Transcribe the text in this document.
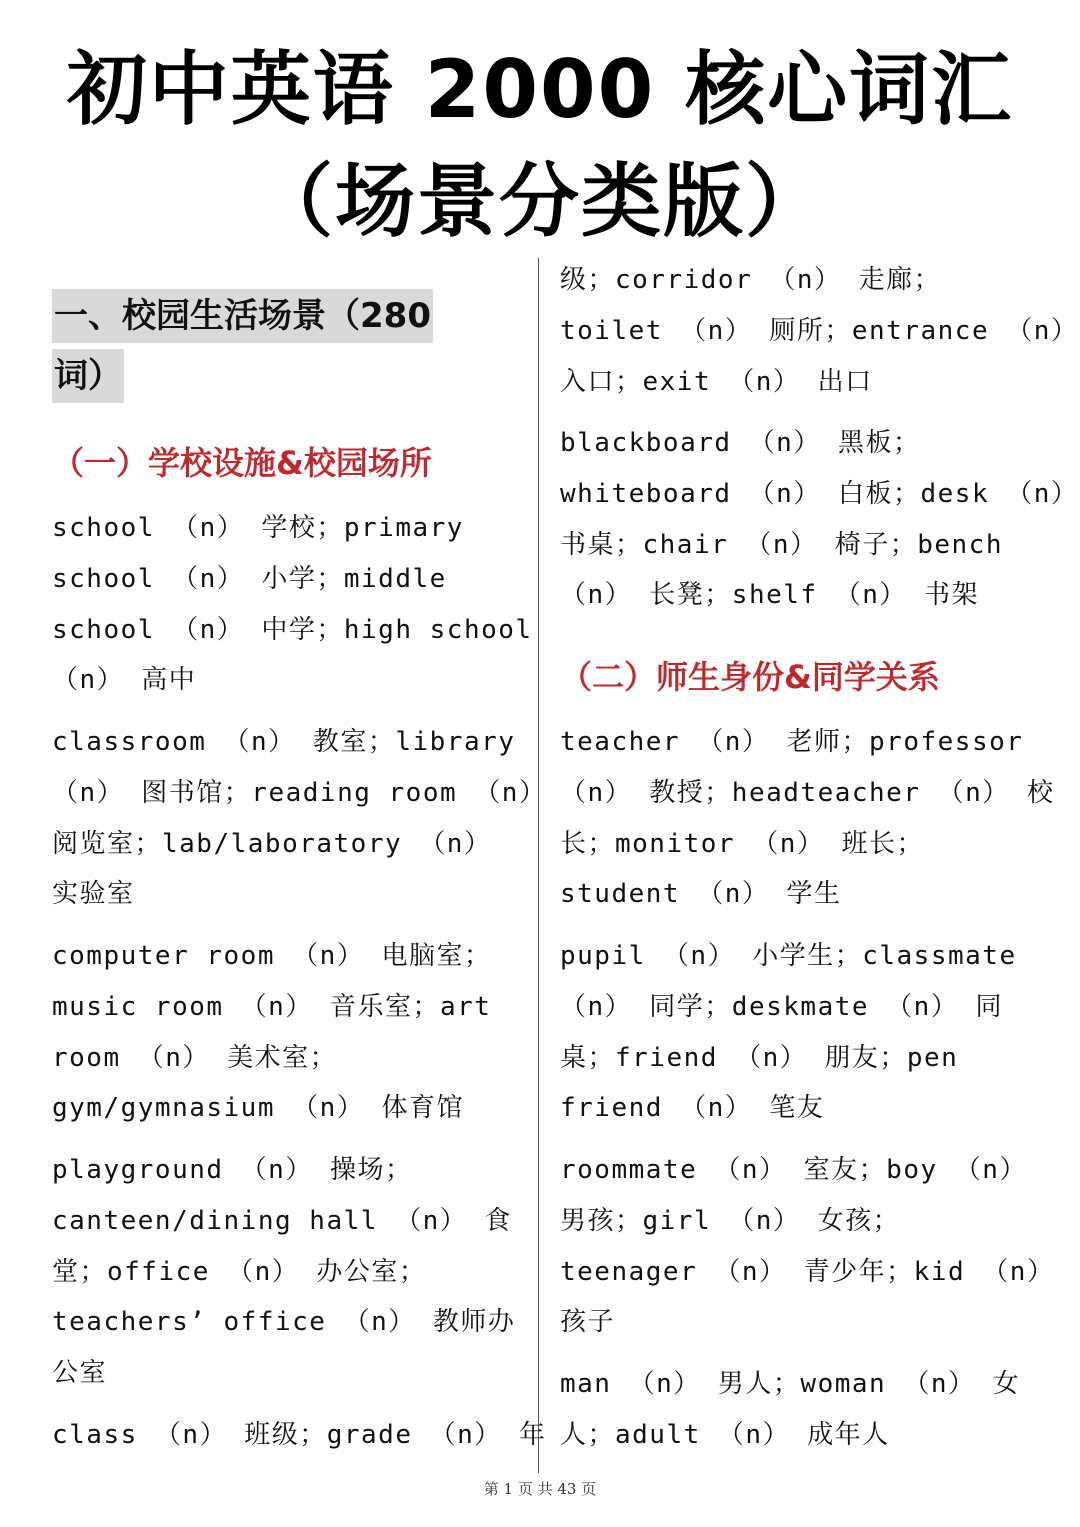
初中英语 2000 核心词汇
（场景分类版）
一、校园生活场景（280
词）
（一）学校设施&校园场所
school （n） 学校；primary
school （n） 小学；middle
school （n） 中学；high school
（n） 高中
classroom （n） 教室；library
（n） 图书馆；reading room （n）
阅览室；lab/laboratory （n）
实验室
computer room （n） 电脑室；
music room （n） 音乐室；art
room （n） 美术室；
gym/gymnasium （n） 体育馆
playground （n） 操场；
canteen/dining hall （n） 食
堂；office （n） 办公室；
teachers’ office （n） 教师办
公室
class （n） 班级；grade （n） 年
级；corridor （n） 走廊；
toilet （n） 厕所；entrance （n）
入口；exit （n） 出口
blackboard （n） 黑板；
whiteboard （n） 白板；desk （n）
书桌；chair （n） 椅子；bench
（n） 长凳；shelf （n） 书架
（二）师生身份&同学关系
teacher （n） 老师；professor
（n） 教授；headteacher （n） 校
长；monitor （n） 班长；
student （n） 学生
pupil （n） 小学生；classmate
（n） 同学；deskmate （n） 同
桌；friend （n） 朋友；pen
friend （n） 笔友
roommate （n） 室友；boy （n）
男孩；girl （n） 女孩；
teenager （n） 青少年；kid （n）
孩子
man （n） 男人；woman （n） 女
人；adult （n） 成年人
第 1 页 共 43 页
